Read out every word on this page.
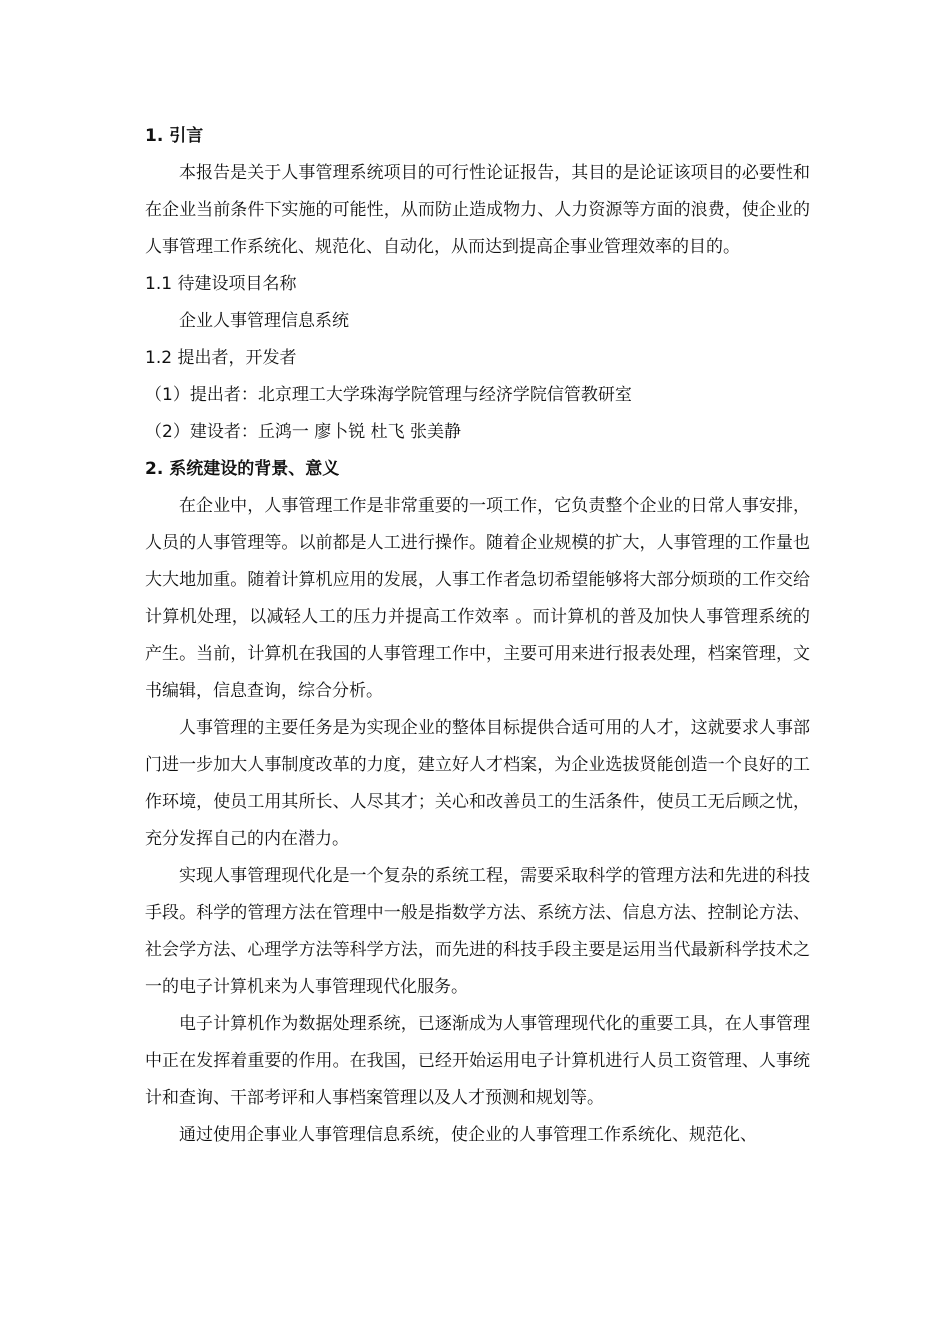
1. 引言

本报告是关于人事管理系统项目的可行性论证报告，其目的是论证该项目的必要性和在企业当前条件下实施的可能性，从而防止造成物力、人力资源等方面的浪费，使企业的人事管理工作系统化、规范化、自动化，从而达到提高企事业管理效率的目的。

1.1 待建设项目名称

企业人事管理信息系统

1.2 提出者，开发者

（1）提出者：北京理工大学珠海学院管理与经济学院信管教研室

（2）建设者：丘鸿一 廖卜锐 杜飞 张美静

2. 系统建设的背景、意义

在企业中，人事管理工作是非常重要的一项工作，它负责整个企业的日常人事安排，人员的人事管理等。以前都是人工进行操作。随着企业规模的扩大，人事管理的工作量也大大地加重。随着计算机应用的发展，人事工作者急切希望能够将大部分烦琐的工作交给计算机处理，以减轻人工的压力并提高工作效率 。而计算机的普及加快人事管理系统的产生。当前，计算机在我国的人事管理工作中，主要可用来进行报表处理，档案管理，文书编辑，信息查询，综合分析。

人事管理的主要任务是为实现企业的整体目标提供合适可用的人才，这就要求人事部门进一步加大人事制度改革的力度，建立好人才档案，为企业选拔贤能创造一个良好的工作环境，使员工用其所长、人尽其才；关心和改善员工的生活条件，使员工无后顾之忧，充分发挥自己的内在潜力。

实现人事管理现代化是一个复杂的系统工程，需要采取科学的管理方法和先进的科技手段。科学的管理方法在管理中一般是指数学方法、系统方法、信息方法、控制论方法、社会学方法、心理学方法等科学方法，而先进的科技手段主要是运用当代最新科学技术之一的电子计算机来为人事管理现代化服务。

电子计算机作为数据处理系统，已逐渐成为人事管理现代化的重要工具，在人事管理中正在发挥着重要的作用。在我国，已经开始运用电子计算机进行人员工资管理、人事统计和查询、干部考评和人事档案管理以及人才预测和规划等。

通过使用企事业人事管理信息系统，使企业的人事管理工作系统化、规范化、
